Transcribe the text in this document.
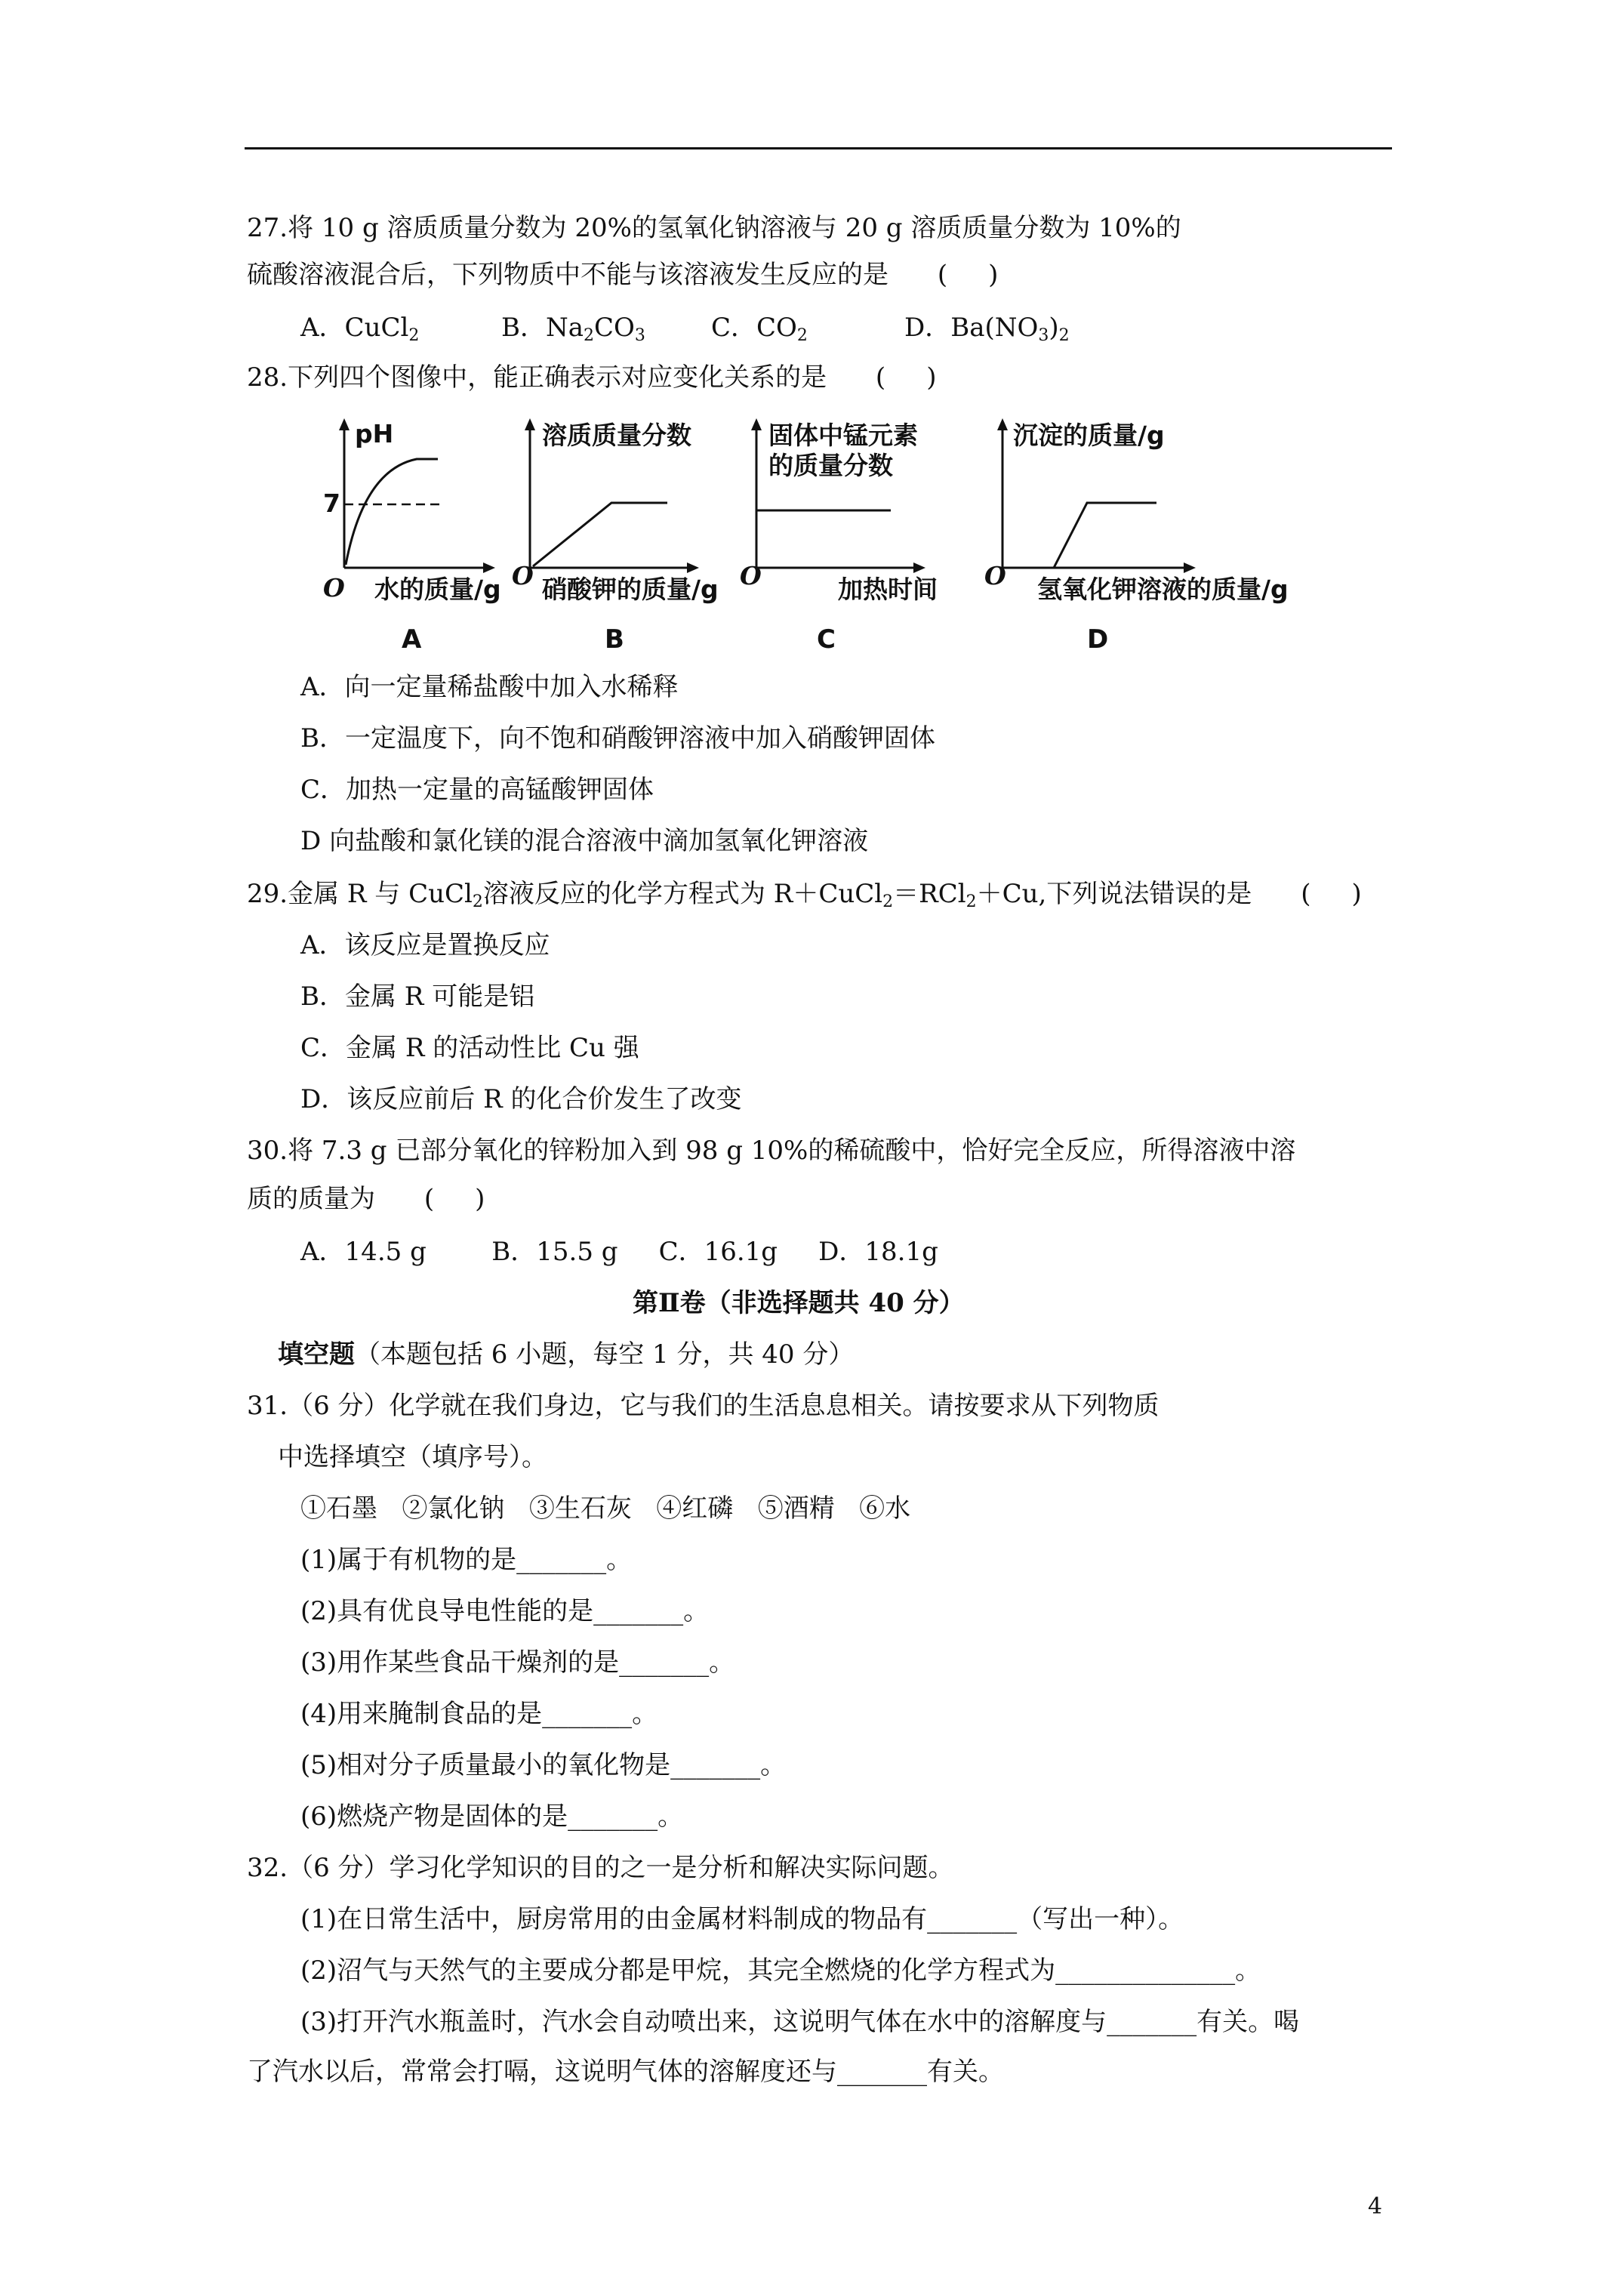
27.将 10 g 溶质质量分数为 20%的氢氧化钠溶液与 20 g 溶质质量分数为 10%的
硫酸溶液混合后，下列物质中不能与该溶液发生反应的是      (     )
A．CuCl$_2$	B．$Na_2CO_3$	C．$CO_2$	D．$Ba(NO_3)_2$
28.下列四个图像中，能正确表示对应变化关系的是      (     )
pH
7
O 水的质量/g
A
溶质质量分数
O 硝酸钾的质量/g
B
固体中锰元素
的质量分数
O	加热时间
C
沉淀的质量/g
O 氢氧化钾溶液的质量/g
D
A．向一定量稀盐酸中加入水稀释
B．一定温度下，向不饱和硝酸钾溶液中加入硝酸钾固体
C．加热一定量的高锰酸钾固体
D 向盐酸和氯化镁的混合溶液中滴加氢氧化钾溶液
29.金属 R 与 CuCl$_2$溶液反应的化学方程式为 R＋CuCl$_2$＝RCl$_2$＋Cu,下列说法错误的是      (     )
A．该反应是置换反应
B．金属 R 可能是铝
C．金属 R 的活动性比 Cu 强
D．该反应前后 R 的化合价发生了改变
30.将 7.3 g 已部分氧化的锌粉加入到 98 g 10%的稀硫酸中，恰好完全反应，所得溶液中溶
质的质量为      (     )
A．14.5 g        B．15.5 g     C．16.1g     D．18.1g
第Ⅱ卷（非选择题共 40 分）
填空题（本题包括 6 小题，每空 1 分，共 40 分）
31.（6 分）化学就在我们身边，它与我们的生活息息相关。请按要求从下列物质
中选择填空（填序号）。
①石墨   ②氯化钠   ③生石灰   ④红磷   ⑤酒精   ⑥水
(1)属于有机物的是_______。
(2)具有优良导电性能的是_______。
(3)用作某些食品干燥剂的是_______。
(4)用来腌制食品的是_______。
(5)相对分子质量最小的氧化物是_______。
(6)燃烧产物是固体的是_______。
32.（6 分）学习化学知识的目的之一是分析和解决实际问题。
(1)在日常生活中，厨房常用的由金属材料制成的物品有_______（写出一种）。
(2)沼气与天然气的主要成分都是甲烷，其完全燃烧的化学方程式为______________。
(3)打开汽水瓶盖时，汽水会自动喷出来，这说明气体在水中的溶解度与_______有关。喝
了汽水以后，常常会打嗝，这说明气体的溶解度还与_______有关。
4
